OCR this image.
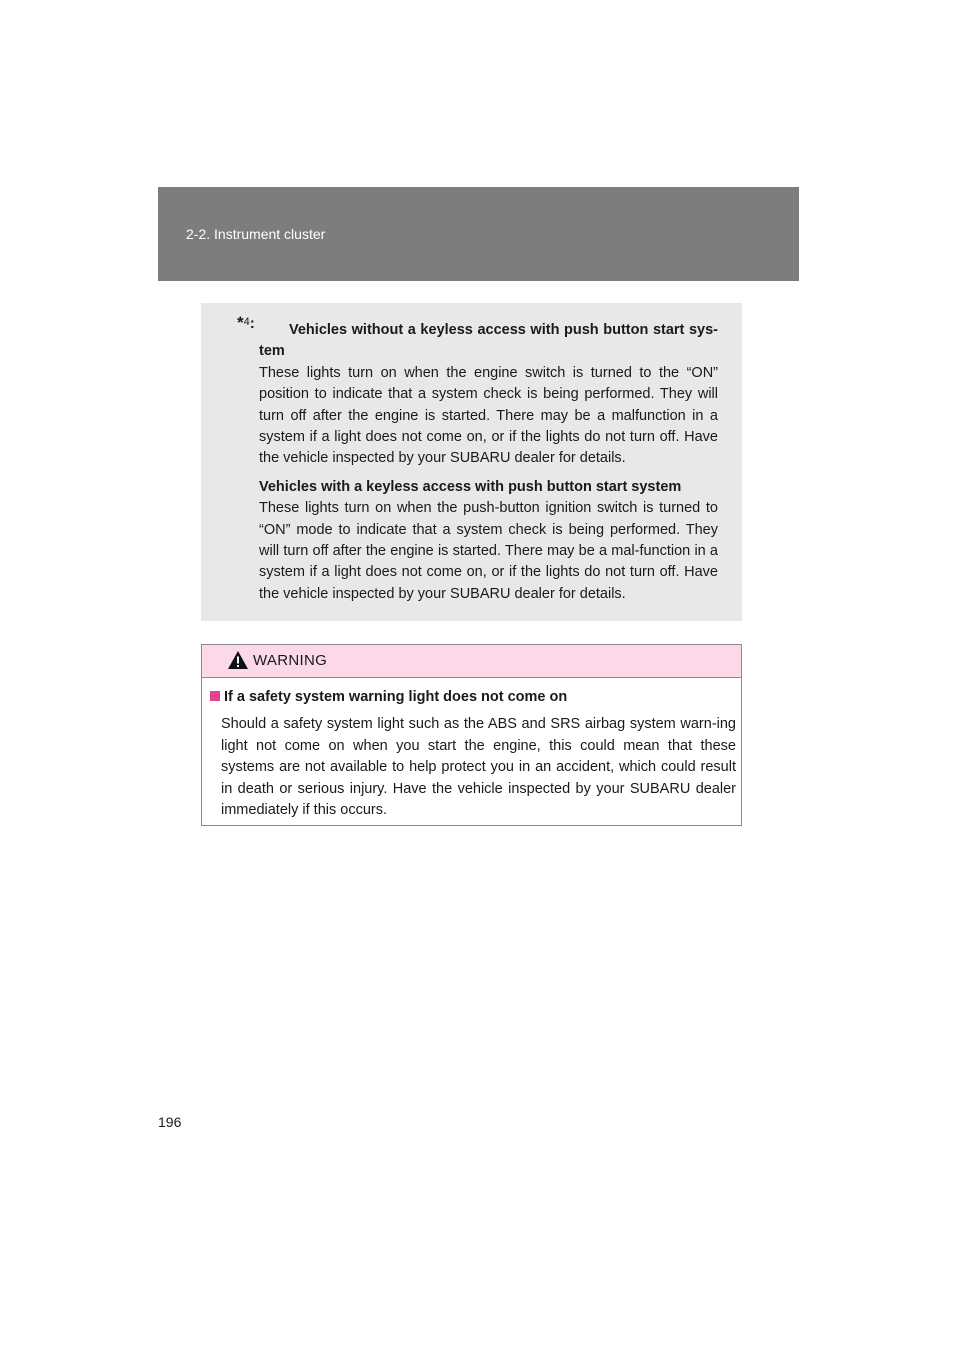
2-2. Instrument cluster
*$^4$:	Vehicles without a keyless access with push button start sys-tem

These lights turn on when the engine switch is turned to the “ON” position to indicate that a system check is being performed. They will turn off after the engine is started. There may be a malfunction in a system if a light does not come on, or if the lights do not turn off. Have the vehicle inspected by your SUBARU dealer for details.

Vehicles with a keyless access with push button start system

These lights turn on when the push-button ignition switch is turned to “ON” mode to indicate that a system check is being performed. They will turn off after the engine is started. There may be a mal-function in a system if a light does not come on, or if the lights do not turn off. Have the vehicle inspected by your SUBARU dealer for details.

WARNING
If a safety system warning light does not come on

Should a safety system light such as the ABS and SRS airbag system warn-ing light not come on when you start the engine, this could mean that these systems are not available to help protect you in an accident, which could result in death or serious injury. Have the vehicle inspected by your SUBARU dealer immediately if this occurs.

196
